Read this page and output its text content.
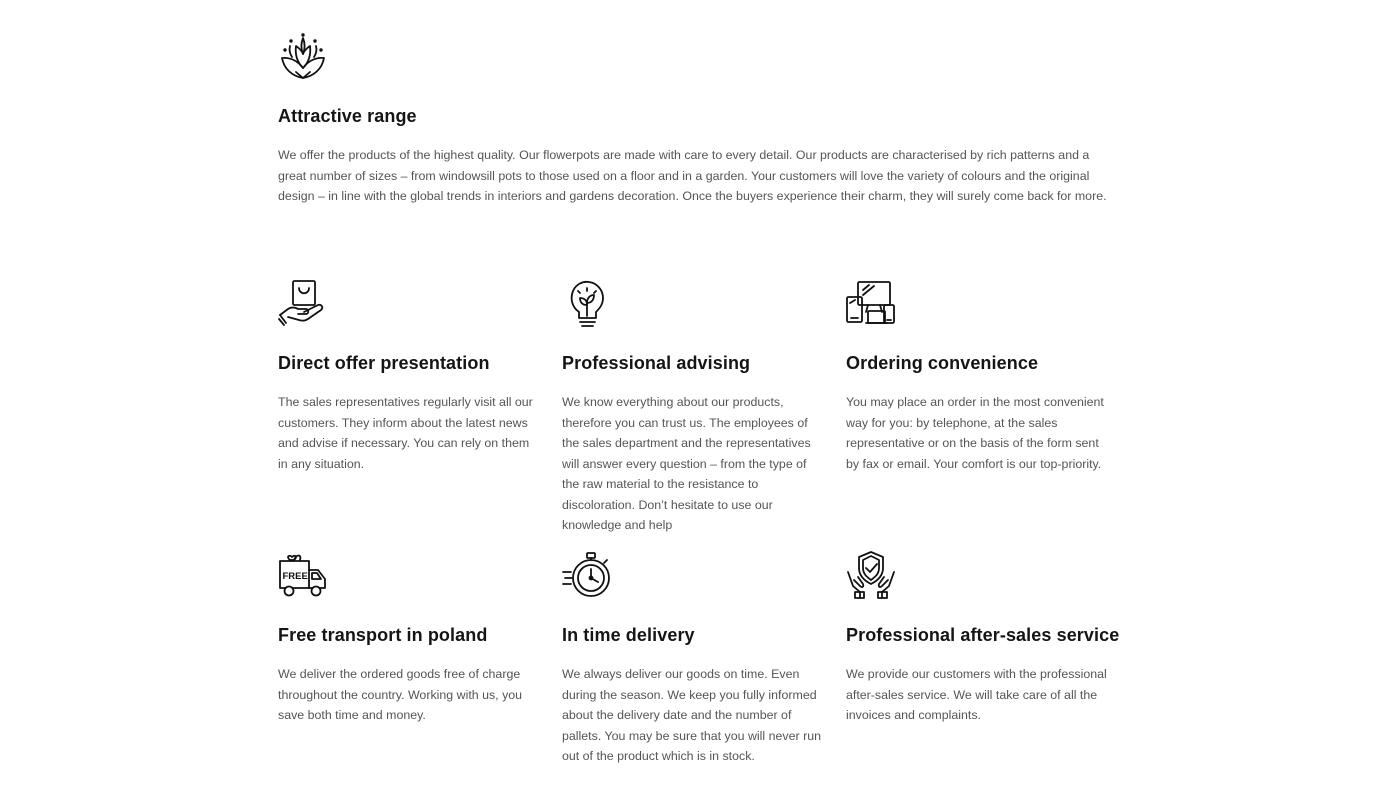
Attractive range

We offer the products of the highest quality. Our flowerpots are made with care to every detail. Our products are characterised by rich patterns and a great number of sizes – from windowsill pots to those used on a floor and in a garden. Your customers will love the variety of colours and the original design – in line with the global trends in interiors and gardens decoration. Once the buyers experience their charm, they will surely come back for more.

Direct offer presentation

The sales representatives regularly visit all our customers. They inform about the latest news and advise if necessary. You can rely on them in any situation.

Professional advising

We know everything about our products, therefore you can trust us. The employees of the sales department and the representatives will answer every question – from the type of the raw material to the resistance to discoloration. Don’t hesitate to use our knowledge and help

Ordering convenience

You may place an order in the most convenient way for you: by telephone, at the sales representative or on the basis of the form sent by fax or email. Your comfort is our top-priority.

FREE
Free transport in poland

We deliver the ordered goods free of charge throughout the country. Working with us, you save both time and money.

In time delivery

We always deliver our goods on time. Even during the season. We keep you fully informed about the delivery date and the number of pallets. You may be sure that you will never run out of the product which is in stock.

Professional after-sales service

We provide our customers with the professional after-sales service. We will take care of all the invoices and complaints.
